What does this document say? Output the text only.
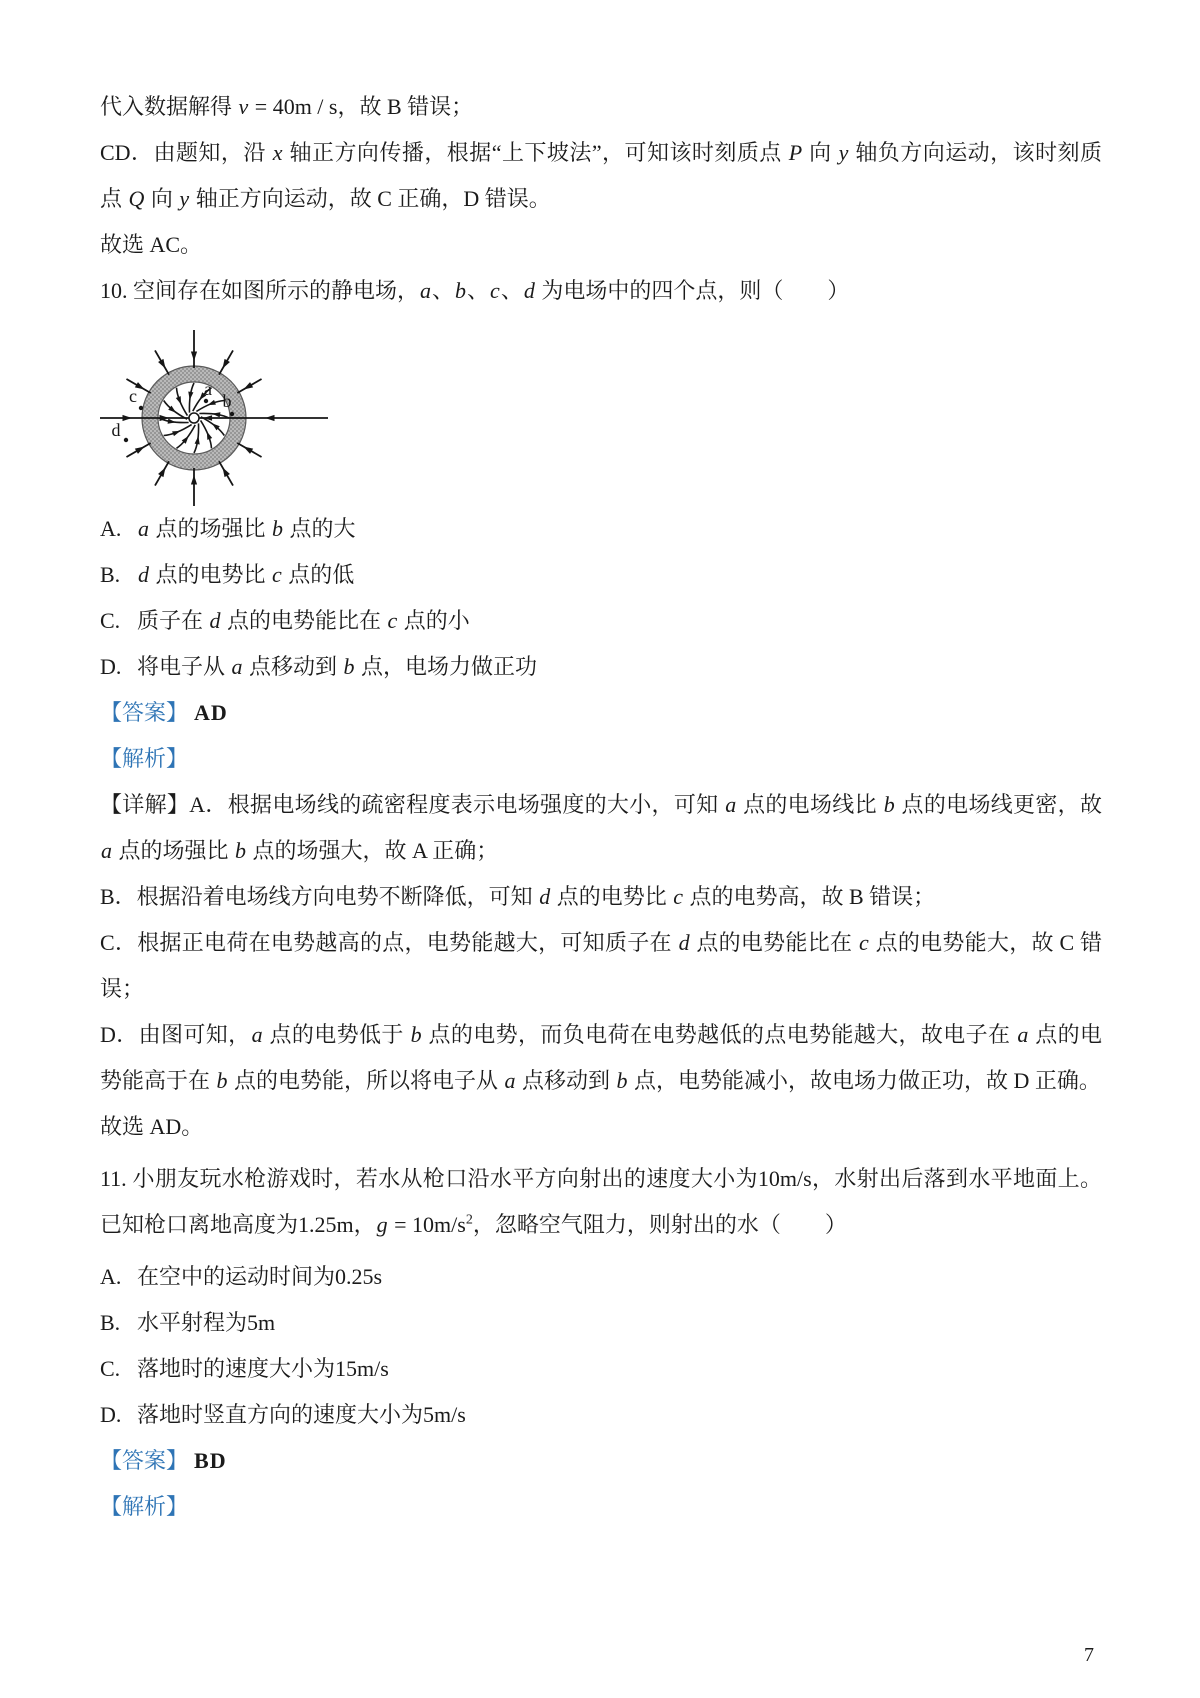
代入数据解得 v = 40m / s，故 B 错误；
CD．由题知，沿 x 轴正方向传播，根据“上下坡法”，可知该时刻质点 P 向 y 轴负方向运动，该时刻质点 Q 向 y 轴正方向运动，故 C 正确，D 错误。
故选 AC。
10. 空间存在如图所示的静电场，a、b、c、d 为电场中的四个点，则（　　）
a
b
c
d
A. a 点的场强比 b 点的大
B. d 点的电势比 c 点的低
C. 质子在 d 点的电势能比在 c 点的小
D. 将电子从 a 点移动到 b 点，电场力做正功
【答案】 AD
【解析】
【详解】A．根据电场线的疏密程度表示电场强度的大小，可知 a 点的电场线比 b 点的电场线更密，故 a 点的场强比 b 点的场强大，故 A 正确；
B．根据沿着电场线方向电势不断降低，可知 d 点的电势比 c 点的电势高，故 B 错误；
C．根据正电荷在电势越高的点，电势能越大，可知质子在 d 点的电势能比在 c 点的电势能大，故 C 错误；
D．由图可知，a 点的电势低于 b 点的电势，而负电荷在电势越低的点电势能越大，故电子在 a 点的电势能高于在 b 点的电势能，所以将电子从 a 点移动到 b 点，电势能减小，故电场力做正功，故 D 正确。
故选 AD。
11. 小朋友玩水枪游戏时，若水从枪口沿水平方向射出的速度大小为10m/s，水射出后落到水平地面上。已知枪口离地高度为1.25m，$g = 10m/s^2$，忽略空气阻力，则射出的水（　　）
A. 在空中的运动时间为0.25s
B. 水平射程为5m
C. 落地时的速度大小为15m/s
D. 落地时竖直方向的速度大小为5m/s
【答案】 BD
【解析】
7
